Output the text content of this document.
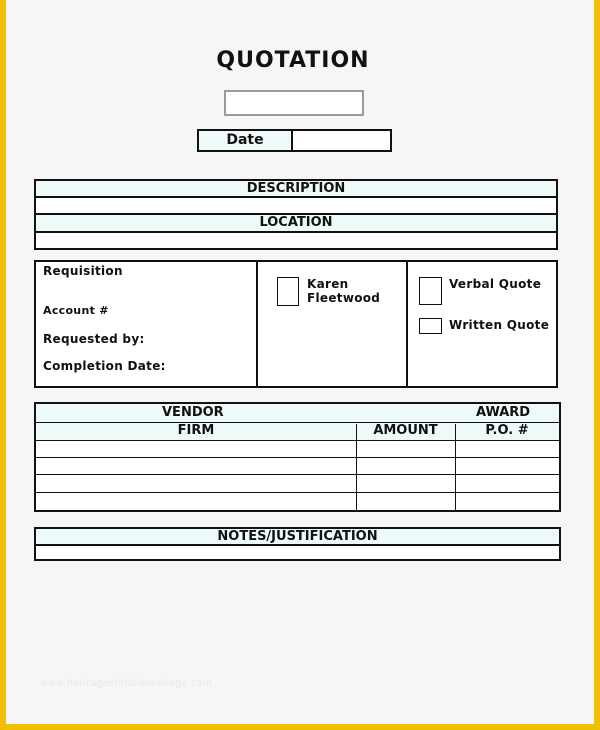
QUOTATION
Date
DESCRIPTION
LOCATION
Requisition
Account #
Requested by:
Completion Date:
Karen
Fleetwood
Verbal Quote
Written Quote
VENDOR	AWARD
FIRM	AMOUNT	P.O. #
NOTES/JUSTIFICATION
www.heritagechristiancollege.com
